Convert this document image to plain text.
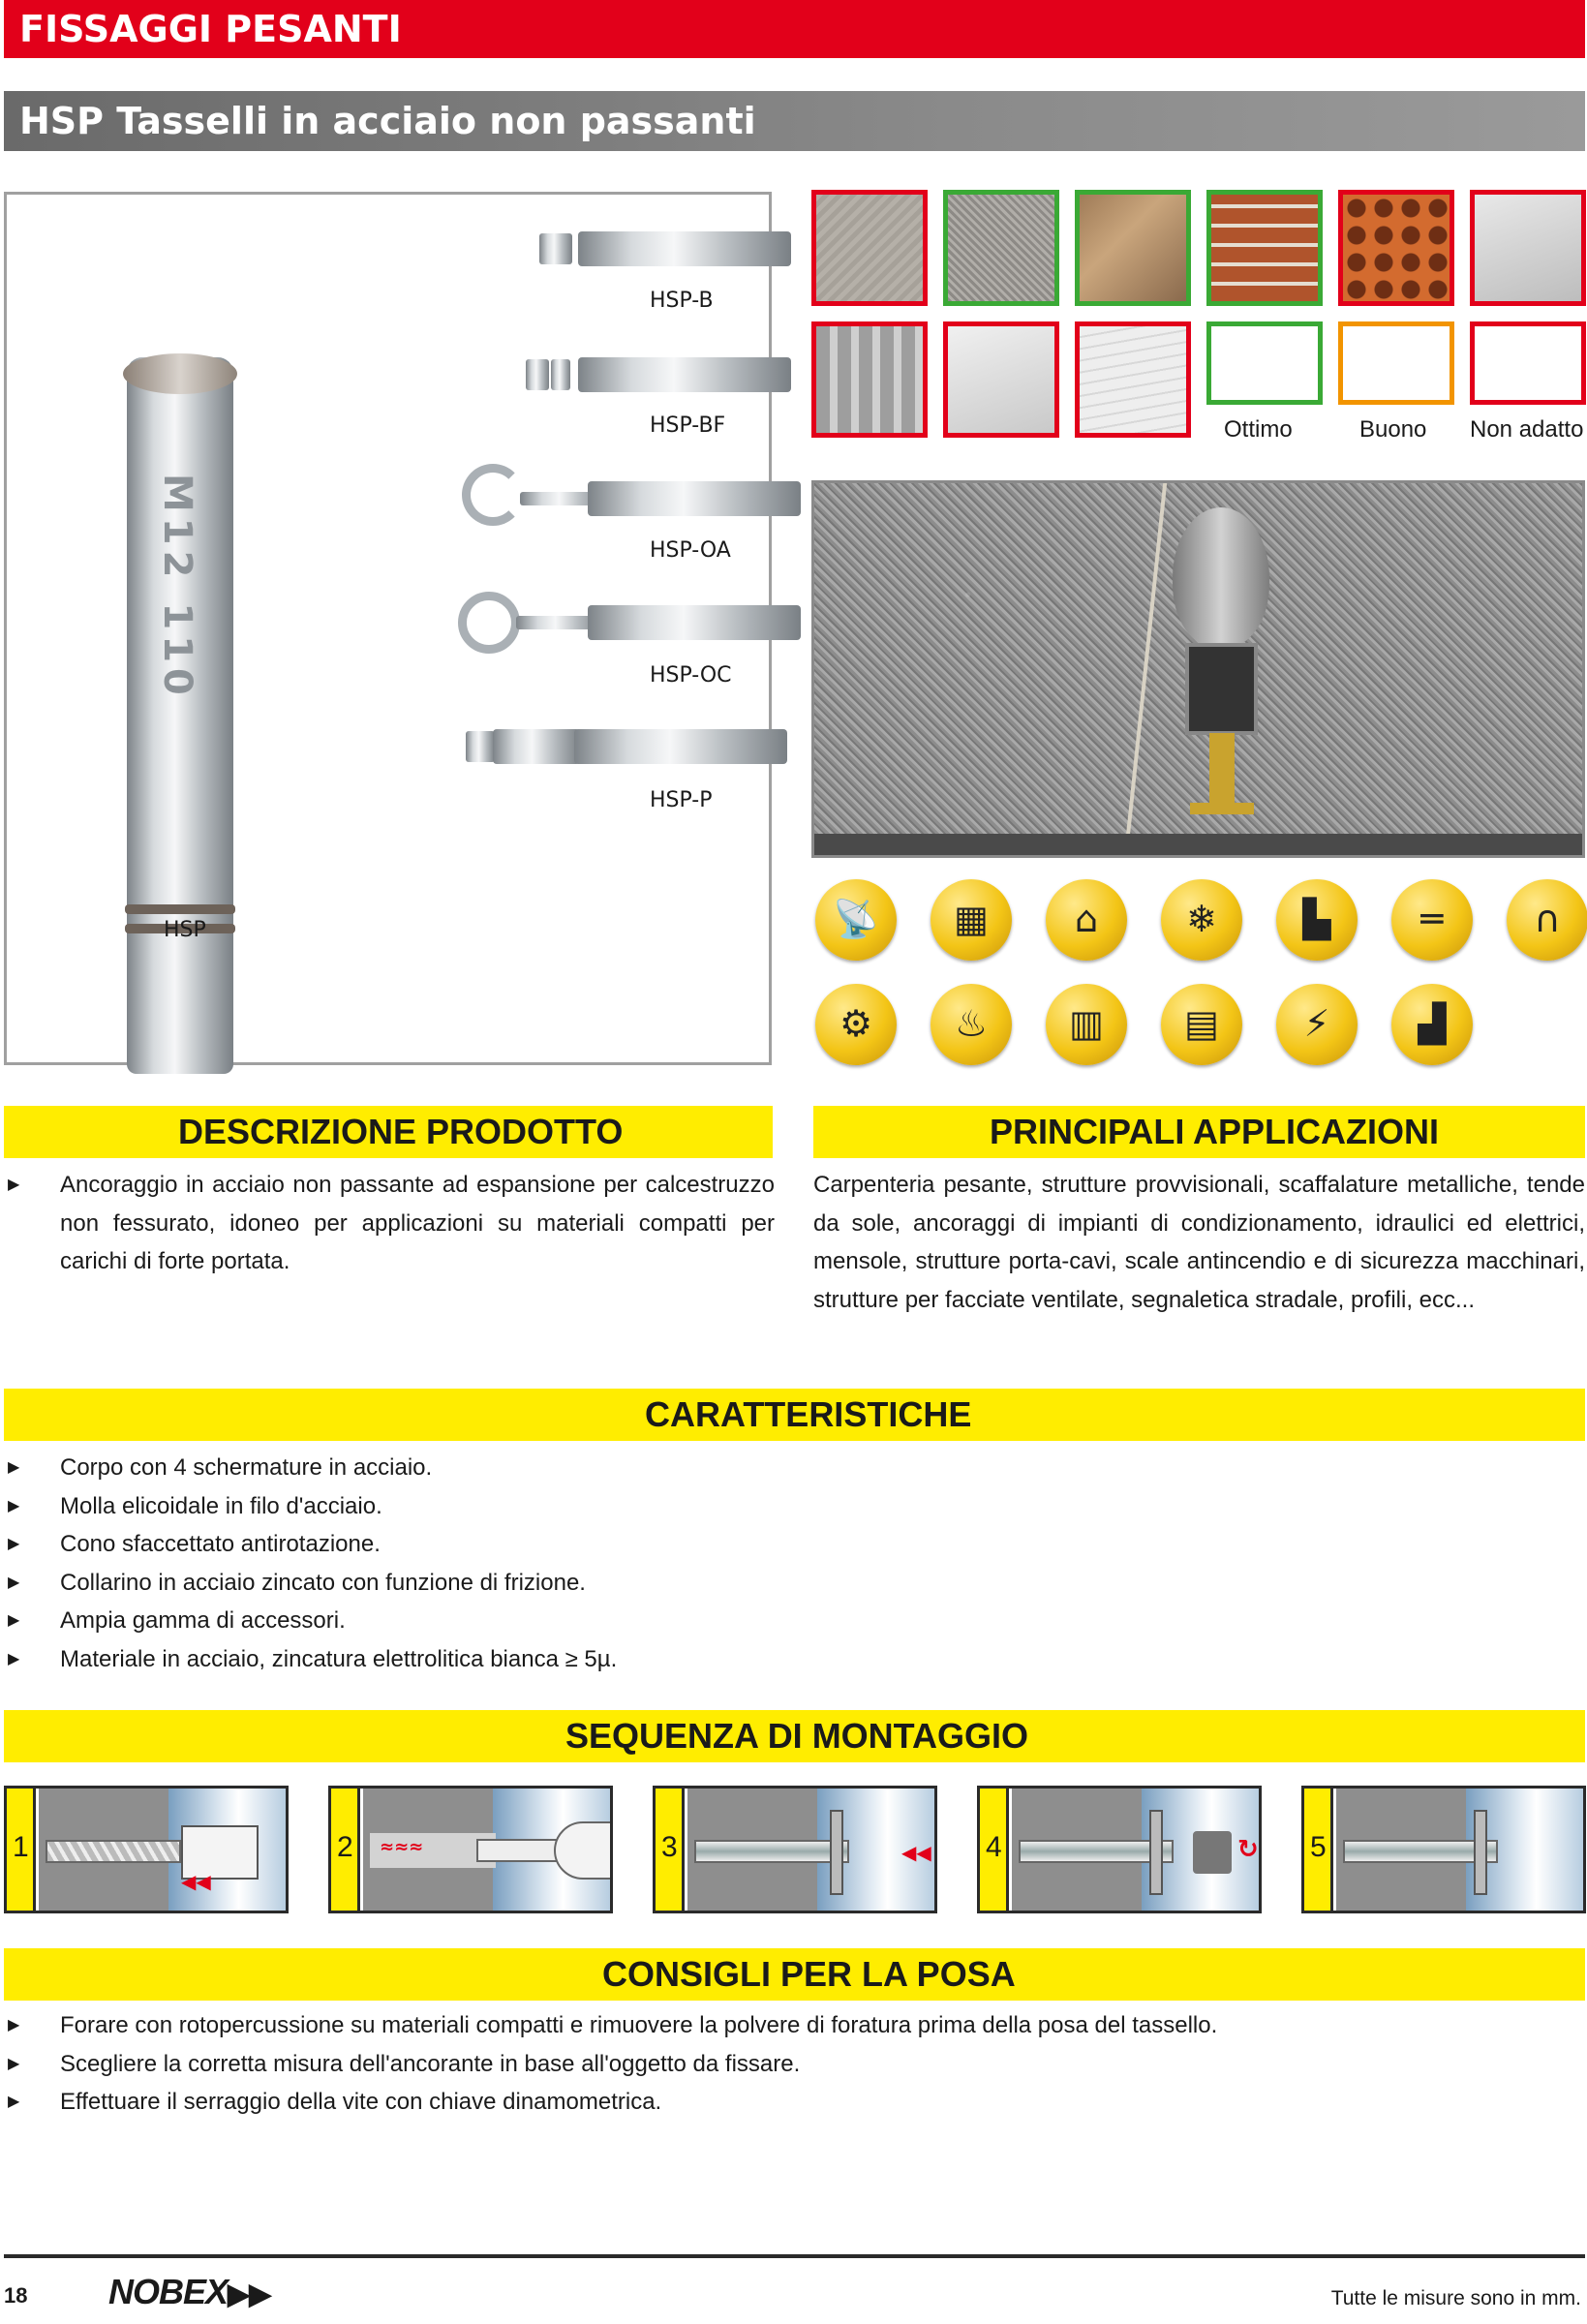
FISSAGGI PESANTI
HSP Tasselli in acciaio non passanti
M12 110
HSP-B
HSP-BF
HSP-OA
HSP-OC
HSP-P
HSP
Ottimo	Buono Non adatto
📡	▦	⌂	❄	▙	═	∩
⚙	♨	▥	▤	⚡	▟
DESCRIZIONE PRODOTTO
▶ Ancoraggio in acciaio non passante ad espansione per calcestruzzo non fessurato, idoneo per applicazioni su materiali compatti per carichi di forte portata.
PRINCIPALI APPLICAZIONI
Carpenteria pesante, strutture provvisionali, scaffalature metalliche, tende da sole, ancoraggi di impianti di condizionamento, idraulici ed elettrici, mensole, strutture porta-cavi, scale antincendio e di sicurezza macchinari, strutture per facciate ventilate, segnaletica stradale, profili, ecc...
CARATTERISTICHE
▶ Corpo con 4 schermature in acciaio.
▶ Molla elicoidale in filo d'acciaio.
▶ Cono sfaccettato antirotazione.
▶ Collarino in acciaio zincato con funzione di frizione.
▶ Ampia gamma di accessori.
▶ Materiale in acciaio, zincatura elettrolitica bianca ≥ 5µ.
SEQUENZA DI MONTAGGIO
◀◀
1	≈≈≈
2	◀◀
3	↻
4	5
CONSIGLI PER LA POSA
▶ Forare con rotopercussione su materiali compatti e rimuovere la polvere di foratura prima della posa del tassello.
▶ Scegliere la corretta misura dell'ancorante in base all'oggetto da fissare.
▶ Effettuare il serraggio della vite con chiave dinamometrica.
18 NOBEX▶▶	Tutte le misure sono in mm.
